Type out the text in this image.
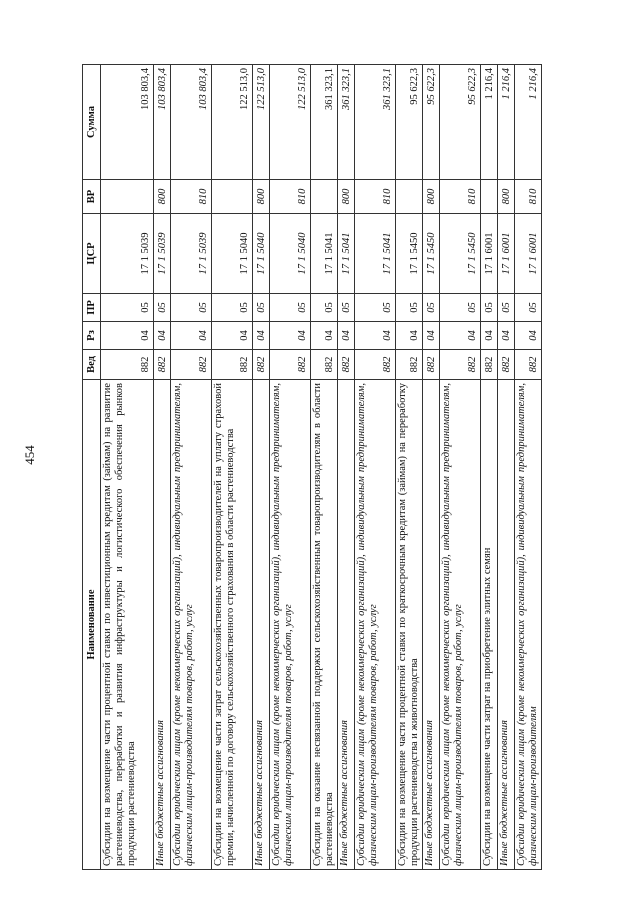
454
Наименование	Вед	Рз	ПР	ЦСР	ВР	Сумма
Субсидии на возмещение части процентной ставки по инвестиционным кредитам (займам) на развитие растениеводства, переработки и развития инфраструктуры и логистического обеспечения рынков продукции растениеводства	882	04	05	17 1 5039		103 803,4
Иные бюджетные ассигнования	882	04	05	17 1 5039	800	103 803,4
Субсидии юридическим лицам (кроме некоммерческих организаций), индивидуальным предпринимателям, физическим лицам-производителям товаров, работ, услуг	882	04	05	17 1 5039	810	103 803,4
Субсидии на возмещение части затрат сельскохозяйственных товаропроизводителей на уплату страховой премии, начисленной по договору сельскохозяйственного страхования в области растениеводства	882	04	05	17 1 5040		122 513,0
Иные бюджетные ассигнования	882	04	05	17 1 5040	800	122 513,0
Субсидии юридическим лицам (кроме некоммерческих организаций), индивидуальным предпринимателям, физическим лицам-производителям товаров, работ, услуг	882	04	05	17 1 5040	810	122 513,0
Субсидии на оказание несвязанной поддержки сельскохозяйственным товаропроизводителям в области растениеводства	882	04	05	17 1 5041		361 323,1
Иные бюджетные ассигнования	882	04	05	17 1 5041	800	361 323,1
Субсидии юридическим лицам (кроме некоммерческих организаций), индивидуальным предпринимателям, физическим лицам-производителям товаров, работ, услуг	882	04	05	17 1 5041	810	361 323,1
Субсидии на возмещение части процентной ставки по краткосрочным кредитам (займам) на переработку продукции растениеводства и животноводства	882	04	05	17 1 5450		95 622,3
Иные бюджетные ассигнования	882	04	05	17 1 5450	800	95 622,3
Субсидии юридическим лицам (кроме некоммерческих организаций), индивидуальным предпринимателям, физическим лицам-производителям товаров, работ, услуг	882	04	05	17 1 5450	810	95 622,3
Субсидии на возмещение части затрат на приобретение элитных семян	882	04	05	17 1 6001		1 216,4
Иные бюджетные ассигнования	882	04	05	17 1 6001	800	1 216,4
Субсидии юридическим лицам (кроме некоммерческих организаций), индивидуальным предпринимателям, физическим лицам-производителям	882	04	05	17 1 6001	810	1 216,4
